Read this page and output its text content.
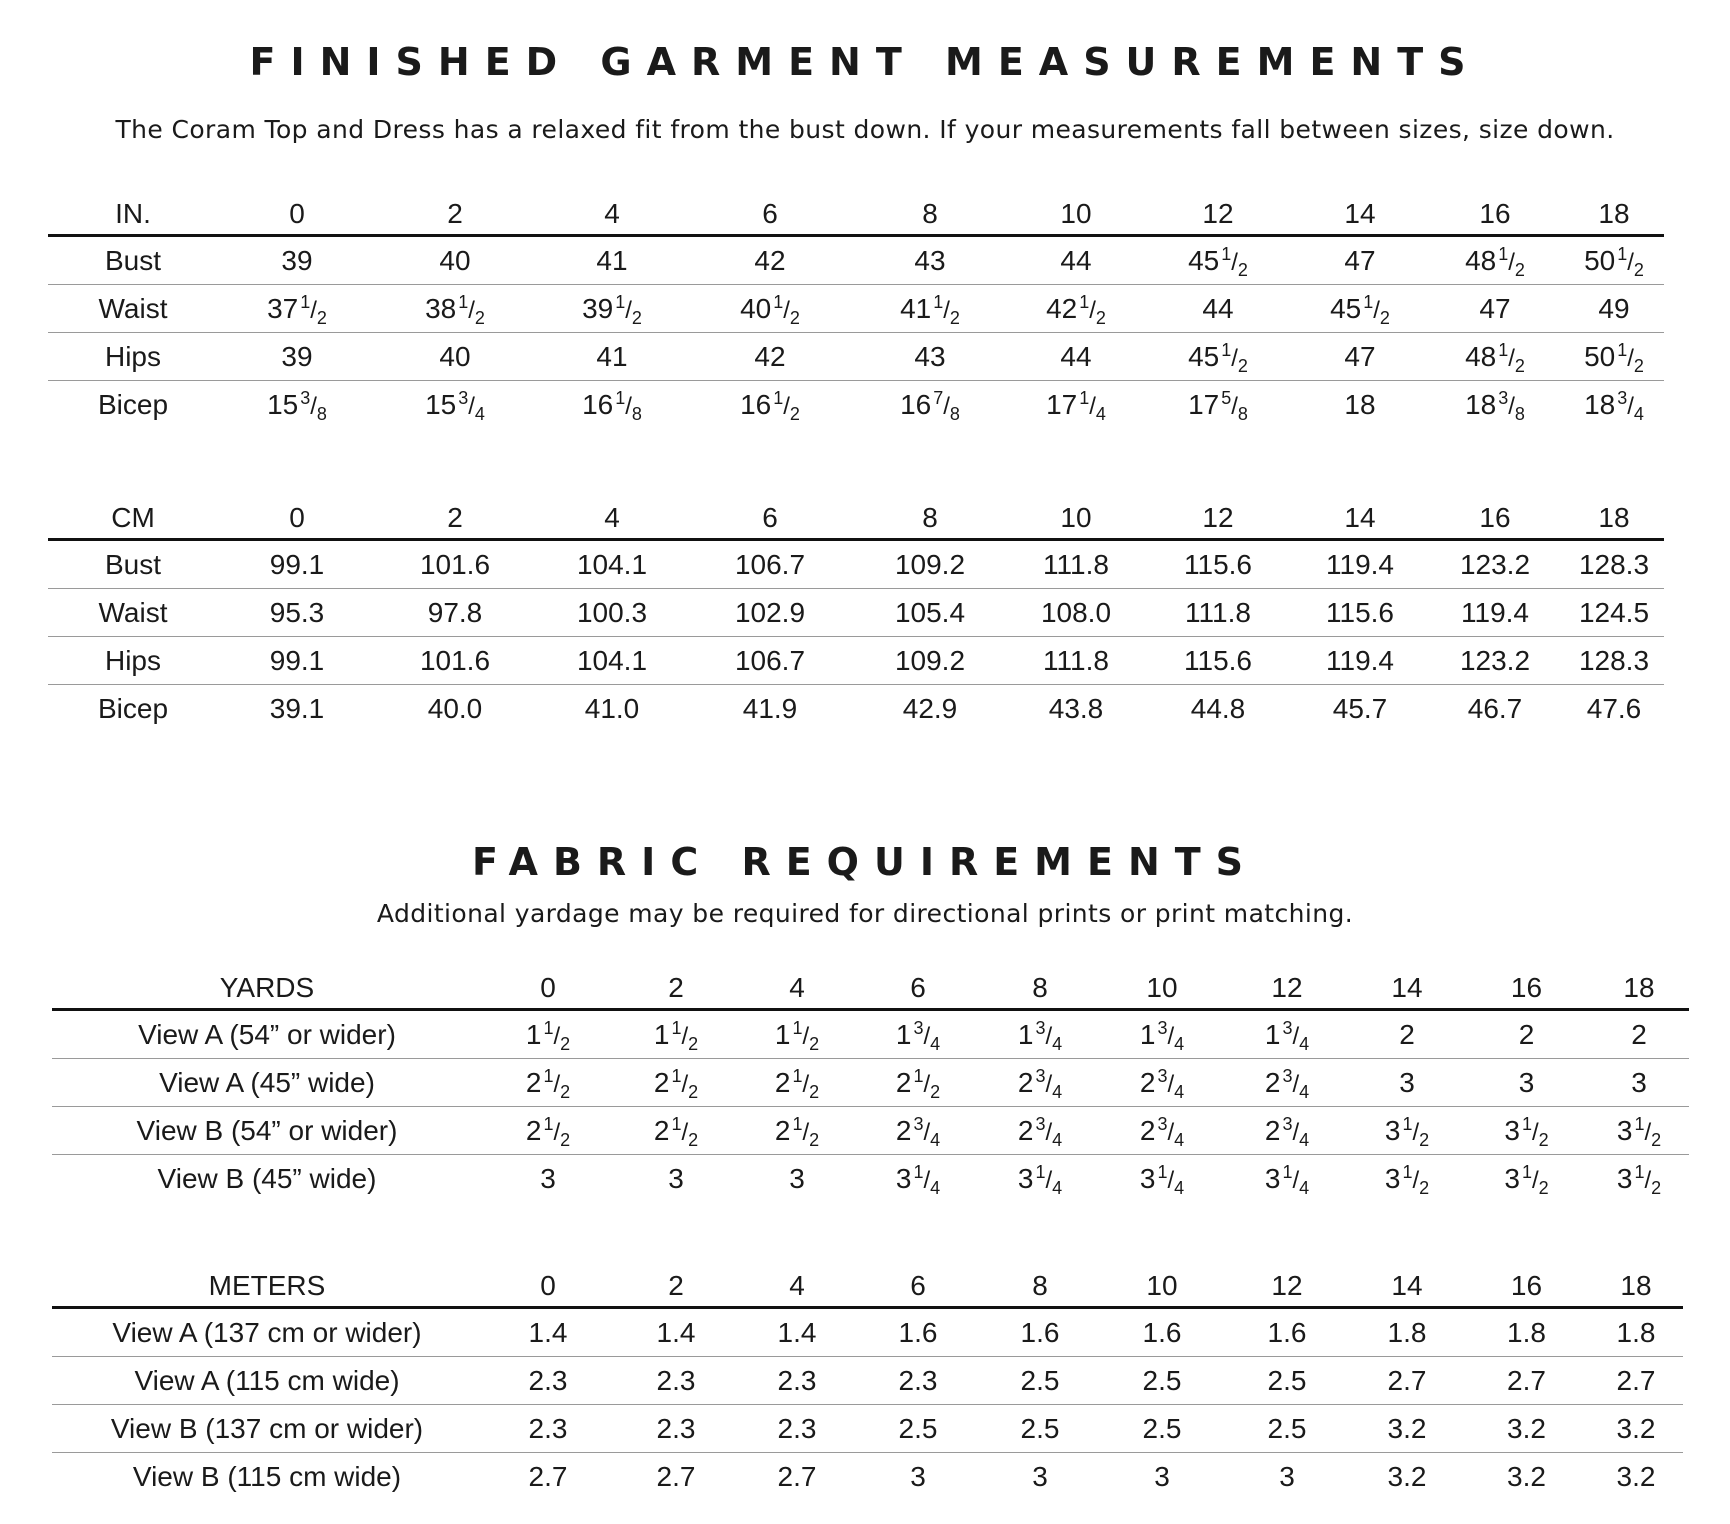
FINISHED GARMENT MEASUREMENTS

The Coram Top and Dress has a relaxed fit from the bust down. If your measurements fall between sizes, size down.

IN.	0	2	4	6	8	10	12	14	16	18
Bust	39	40	41	42	43	44	45 $^1/_2$	47	48 $^1/_2$	50 $^1/_2$
Waist	37 $^1/_2$	38 $^1/_2$	39 $^1/_2$	40 $^1/_2$	41 $^1/_2$	42 $^1/_2$	44	45 $^1/_2$	47	49
Hips	39	40	41	42	43	44	45 $^1/_2$	47	48 $^1/_2$	50 $^1/_2$
Bicep	15 $^3/_8$	15 $^3/_4$	16 $^1/_8$	16 $^1/_2$	16 $^7/_8$	17 $^1/_4$	17 $^5/_8$	18	18 $^3/_8$	18 $^3/_4$
CM	0	2	4	6	8	10	12	14	16	18
Bust	99.1	101.6	104.1	106.7	109.2	111.8	115.6	119.4	123.2	128.3
Waist	95.3	97.8	100.3	102.9	105.4	108.0	111.8	115.6	119.4	124.5
Hips	99.1	101.6	104.1	106.7	109.2	111.8	115.6	119.4	123.2	128.3
Bicep	39.1	40.0	41.0	41.9	42.9	43.8	44.8	45.7	46.7	47.6
FABRIC REQUIREMENTS

Additional yardage may be required for directional prints or print matching.

YARDS	0	2	4	6	8	10	12	14	16	18
View A (54” or wider)	1 $^1/_2$	1 $^1/_2$	1 $^1/_2$	1 $^3/_4$	1 $^3/_4$	1 $^3/_4$	1 $^3/_4$	2	2	2
View A (45” wide)	2 $^1/_2$	2 $^1/_2$	2 $^1/_2$	2 $^1/_2$	2 $^3/_4$	2 $^3/_4$	2 $^3/_4$	3	3	3
View B (54” or wider)	2 $^1/_2$	2 $^1/_2$	2 $^1/_2$	2 $^3/_4$	2 $^3/_4$	2 $^3/_4$	2 $^3/_4$	3 $^1/_2$	3 $^1/_2$	3 $^1/_2$
View B (45” wide)	3	3	3	3 $^1/_4$	3 $^1/_4$	3 $^1/_4$	3 $^1/_4$	3 $^1/_2$	3 $^1/_2$	3 $^1/_2$
METERS	0	2	4	6	8	10	12	14	16	18
View A (137 cm or wider)	1.4	1.4	1.4	1.6	1.6	1.6	1.6	1.8	1.8	1.8
View A (115 cm wide)	2.3	2.3	2.3	2.3	2.5	2.5	2.5	2.7	2.7	2.7
View B (137 cm or wider)	2.3	2.3	2.3	2.5	2.5	2.5	2.5	3.2	3.2	3.2
View B (115 cm wide)	2.7	2.7	2.7	3	3	3	3	3.2	3.2	3.2
